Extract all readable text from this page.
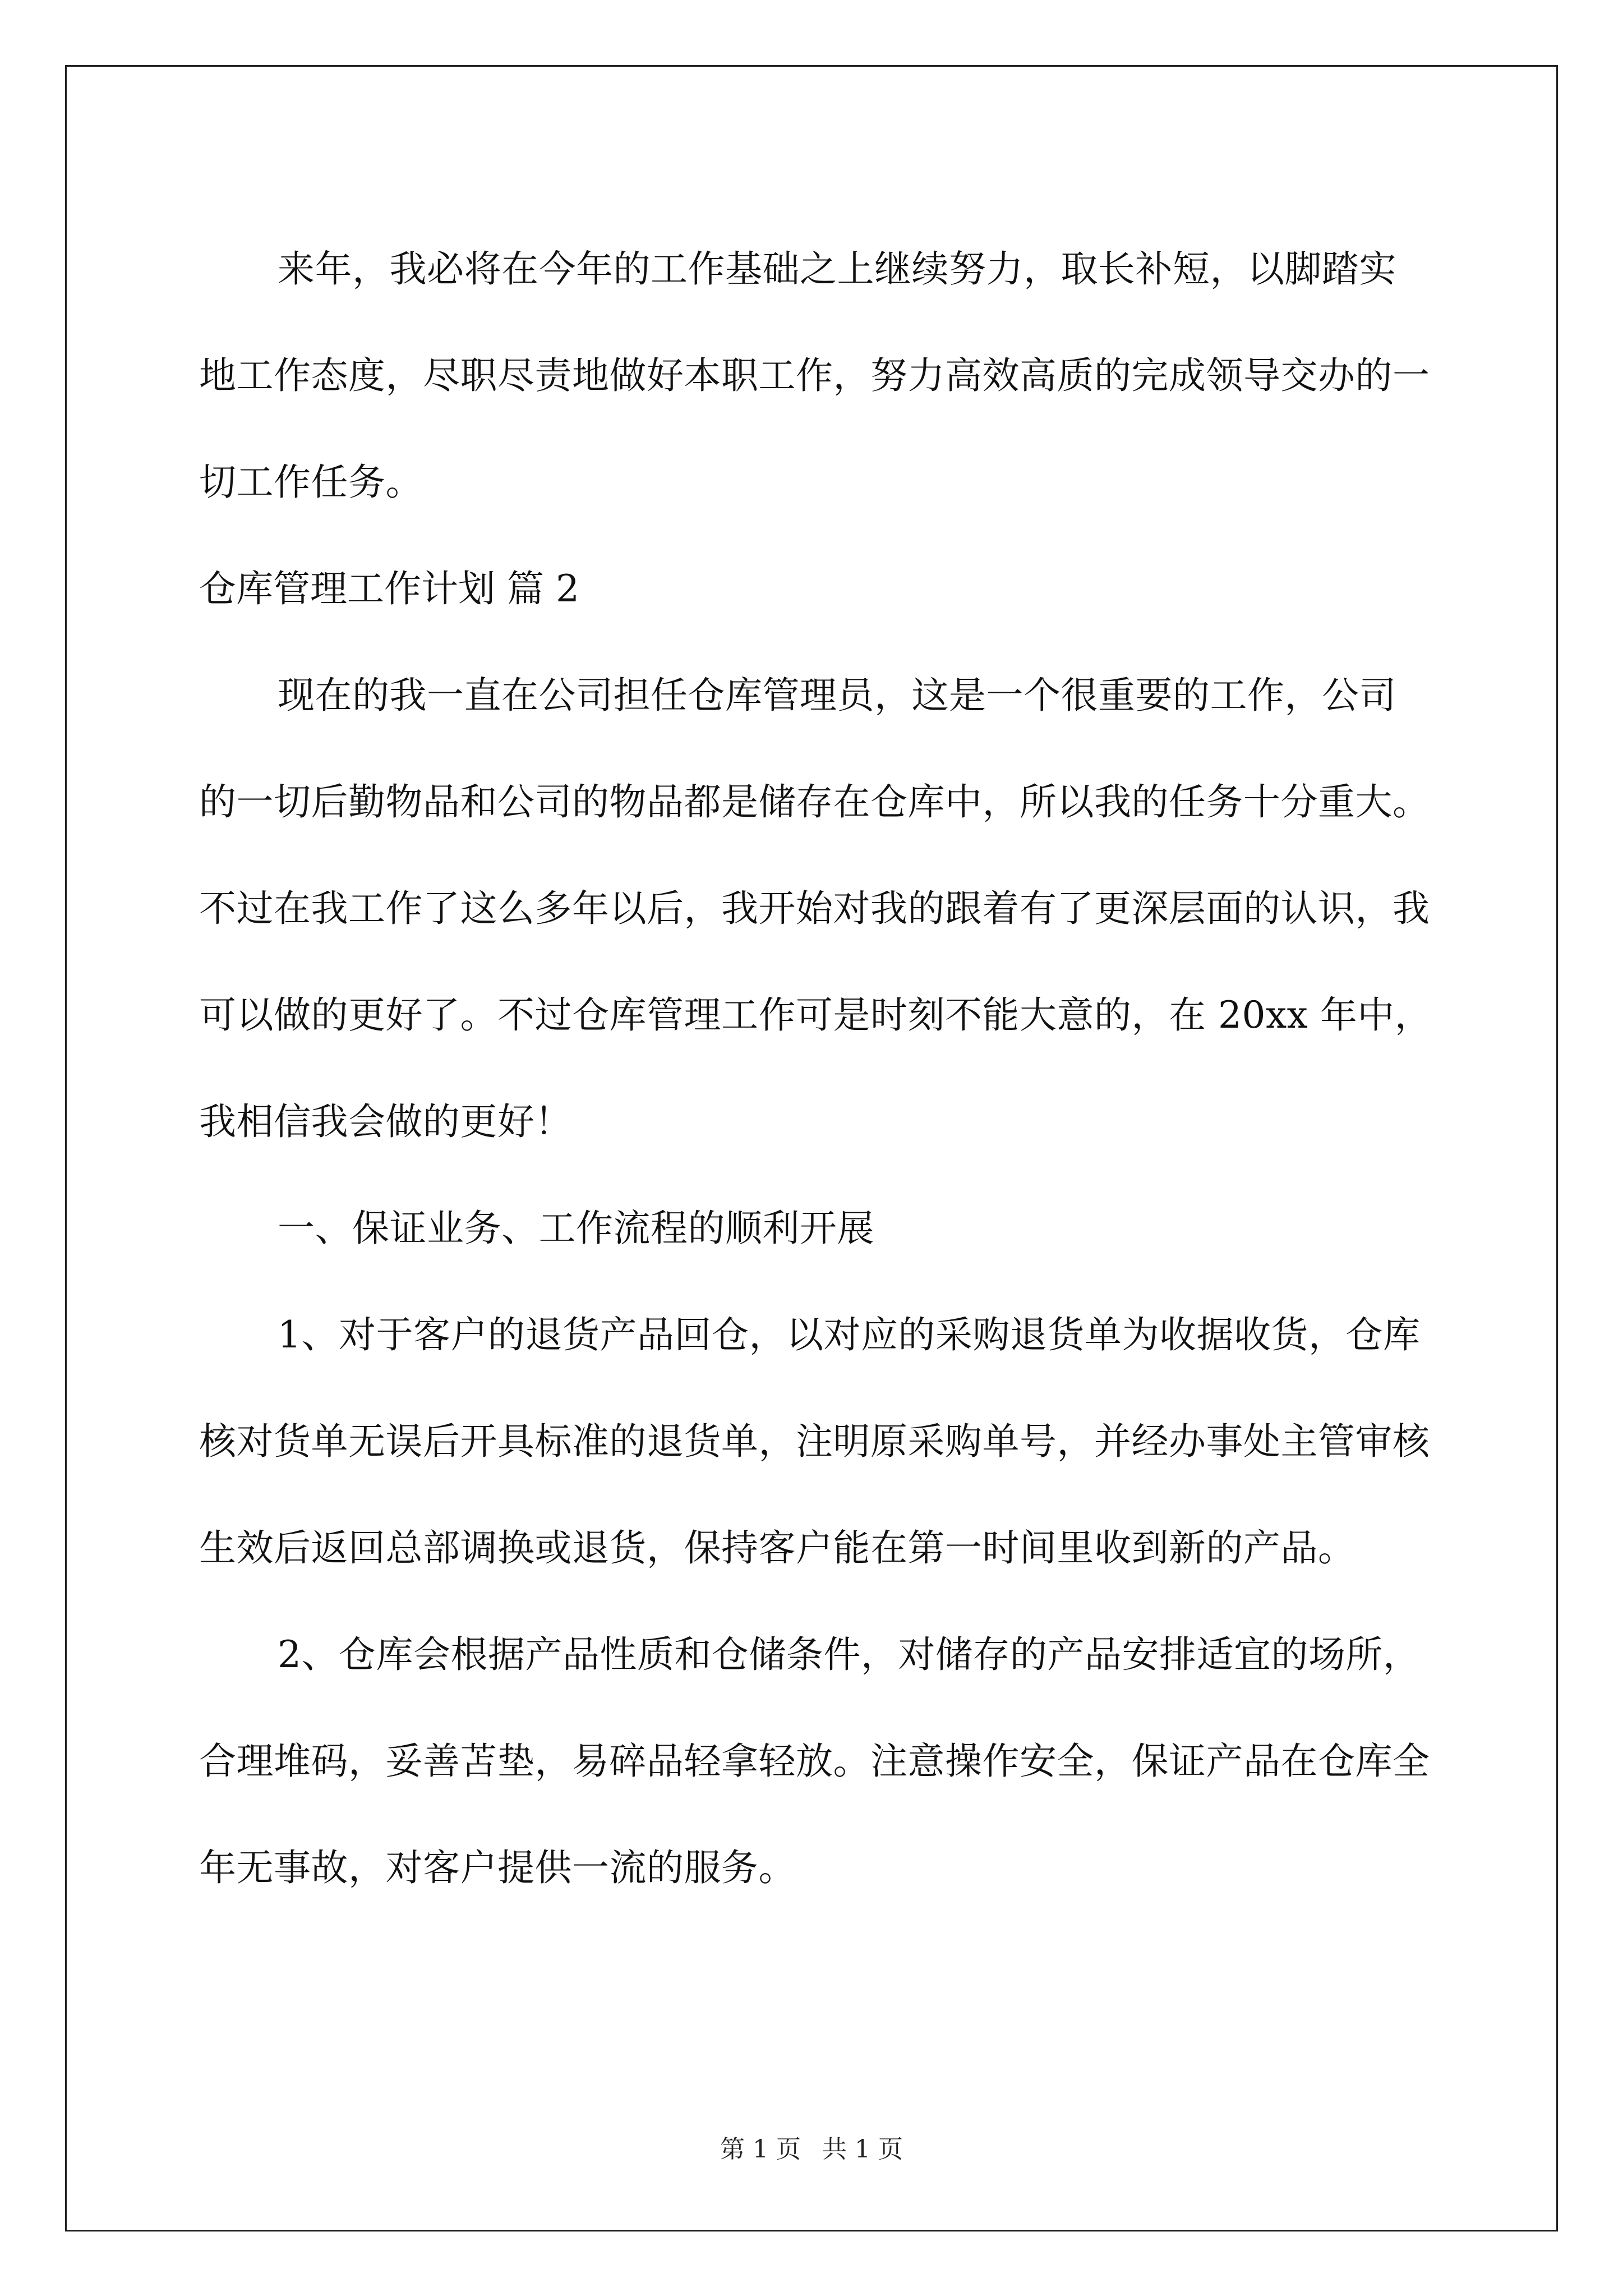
来年，我必将在今年的工作基础之上继续努力，取长补短，以脚踏实地工作态度，尽职尽责地做好本职工作，努力高效高质的完成领导交办的一切工作任务。

仓库管理工作计划 篇 2

现在的我一直在公司担任仓库管理员，这是一个很重要的工作，公司的一切后勤物品和公司的物品都是储存在仓库中，所以我的任务十分重大。不过在我工作了这么多年以后，我开始对我的跟着有了更深层面的认识，我可以做的更好了。不过仓库管理工作可是时刻不能大意的，在 20xx 年中，我相信我会做的更好！

一、保证业务、工作流程的顺利开展

1、对于客户的退货产品回仓，以对应的采购退货单为收据收货，仓库核对货单无误后开具标准的退货单，注明原采购单号，并经办事处主管审核生效后返回总部调换或退货，保持客户能在第一时间里收到新的产品。

2、仓库会根据产品性质和仓储条件，对储存的产品安排适宜的场所，合理堆码，妥善苫垫，易碎品轻拿轻放。注意操作安全，保证产品在仓库全年无事故，对客户提供一流的服务。

第 1 页 共 1 页
